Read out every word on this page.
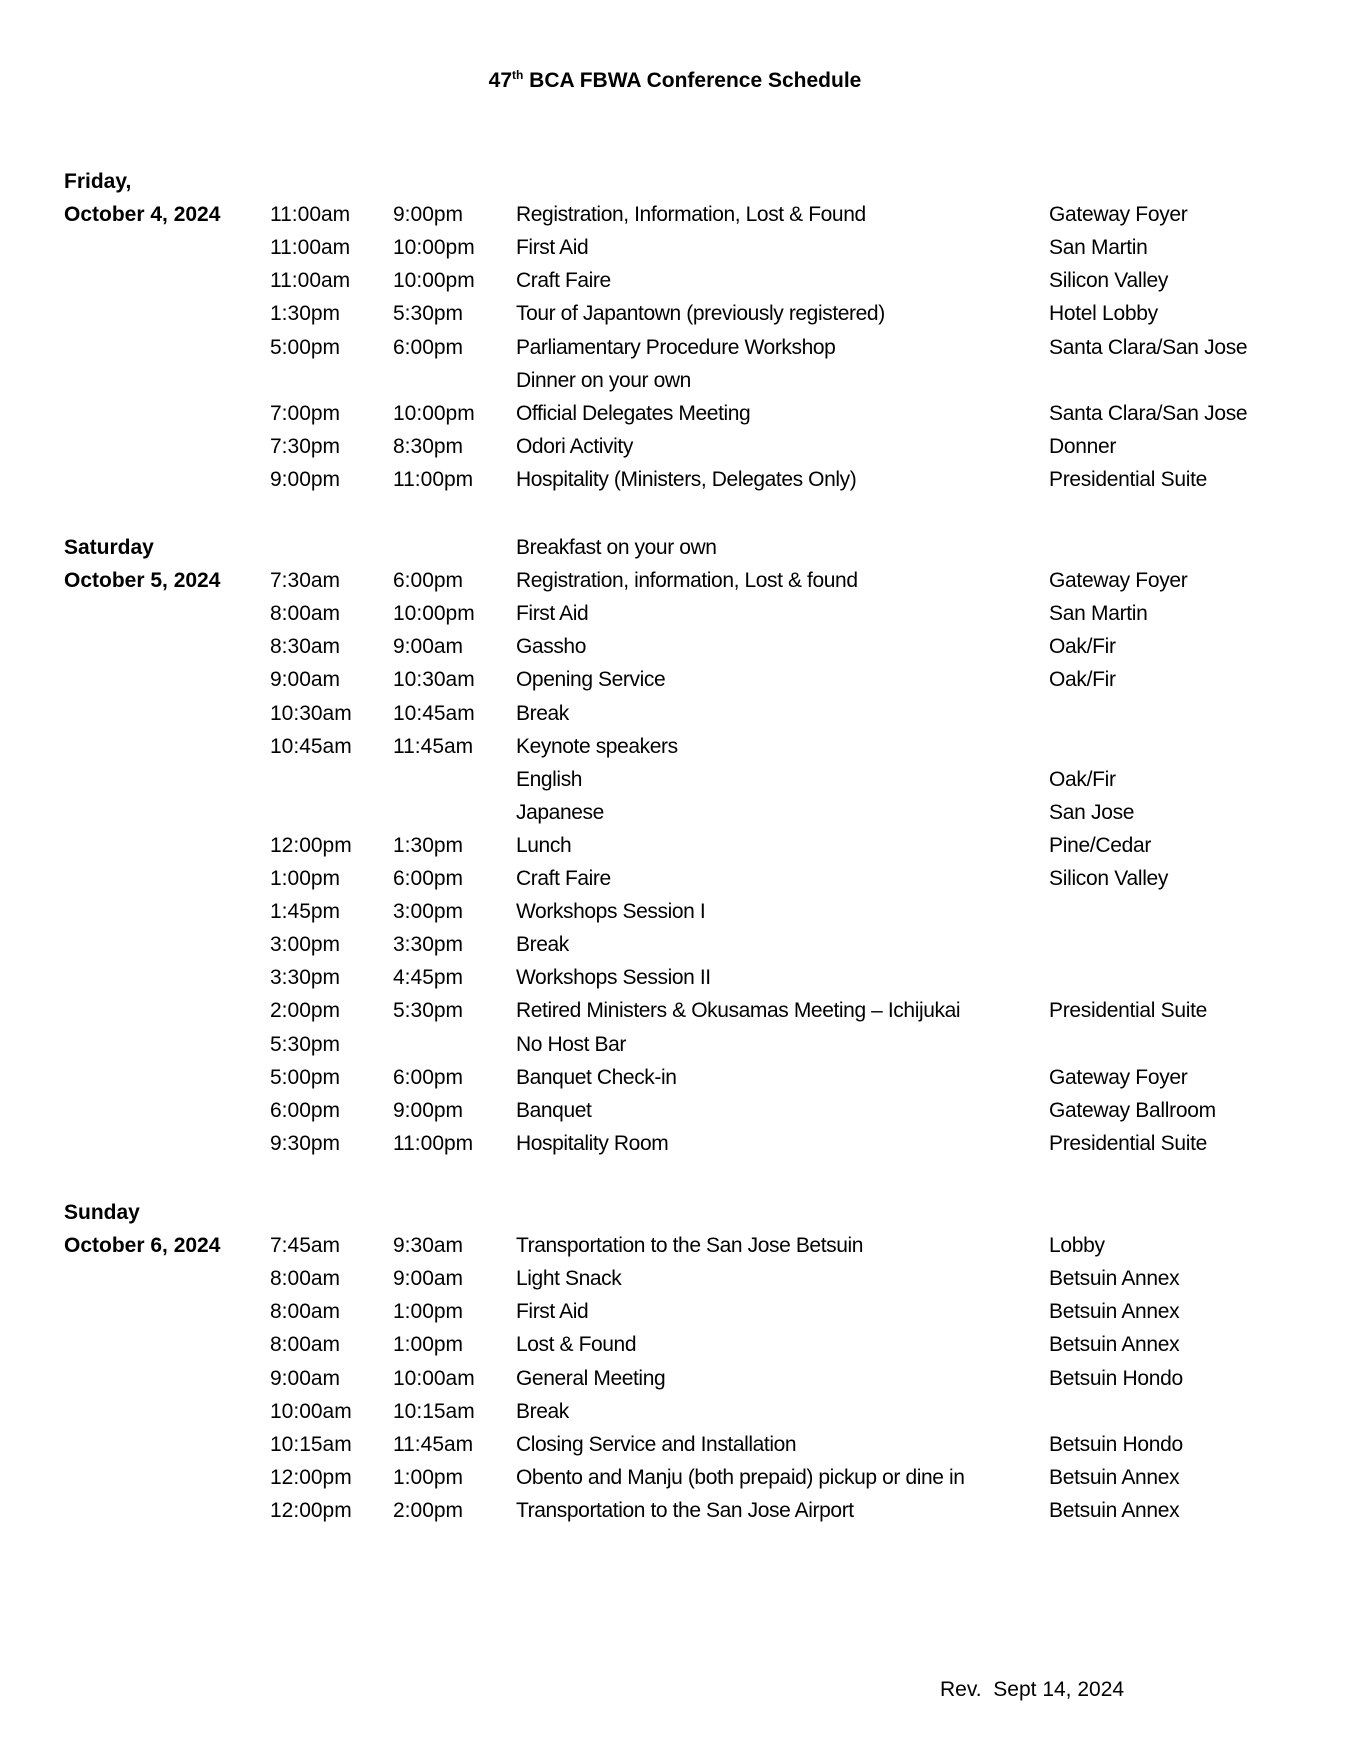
47th BCA FBWA Conference Schedule
Friday,
October 4, 2024 11:00am 9:00pm	Registration, Information, Lost & Found	Gateway Foyer
11:00am 10:00pm First Aid	San Martin
11:00am 10:00pm Craft Faire	Silicon Valley
1:30pm	5:30pm	Tour of Japantown (previously registered)	Hotel Lobby
5:00pm	6:00pm	Parliamentary Procedure Workshop	Santa Clara/San Jose
Dinner on your own
7:00pm	10:00pm Official Delegates Meeting	Santa Clara/San Jose
7:30pm	8:30pm	Odori Activity	Donner
9:00pm	11:00pm Hospitality (Ministers, Delegates Only)	Presidential Suite
Saturday
October 5, 2024
Breakfast on your own
7:30am	6:00pm	Registration, information, Lost & found	Gateway Foyer
8:00am	10:00pm First Aid	San Martin
8:30am	9:00am	Gassho	Oak/Fir
9:00am	10:30am Opening Service	Oak/Fir
10:30am 10:45am Break
10:45am 11:45am Keynote speakers
English	Oak/Fir
Japanese	San Jose
12:00pm 1:30pm	Lunch	Pine/Cedar
1:00pm	6:00pm	Craft Faire	Silicon Valley
1:45pm	3:00pm	Workshops Session I
3:00pm	3:30pm	Break
3:30pm	4:45pm	Workshops Session II
2:00pm	5:30pm	Retired Ministers & Okusamas Meeting – Ichijukai	Presidential Suite
5:30pm	No Host Bar
5:00pm	6:00pm	Banquet Check-in	Gateway Foyer
6:00pm	9:00pm	Banquet	Gateway Ballroom
9:30pm	11:00pm Hospitality Room	Presidential Suite
Sunday
October 6, 2024 7:45am	9:30am	Transportation to the San Jose Betsuin	Lobby
8:00am	9:00am	Light Snack	Betsuin Annex
8:00am	1:00pm	First Aid	Betsuin Annex
8:00am	1:00pm	Lost & Found	Betsuin Annex
9:00am	10:00am General Meeting	Betsuin Hondo
10:00am 10:15am Break
10:15am 11:45am Closing Service and Installation	Betsuin Hondo
12:00pm 1:00pm	Obento and Manju (both prepaid) pickup or dine in	Betsuin Annex
12:00pm 2:00pm	Transportation to the San Jose Airport	Betsuin Annex
Rev.  Sept 14, 2024
